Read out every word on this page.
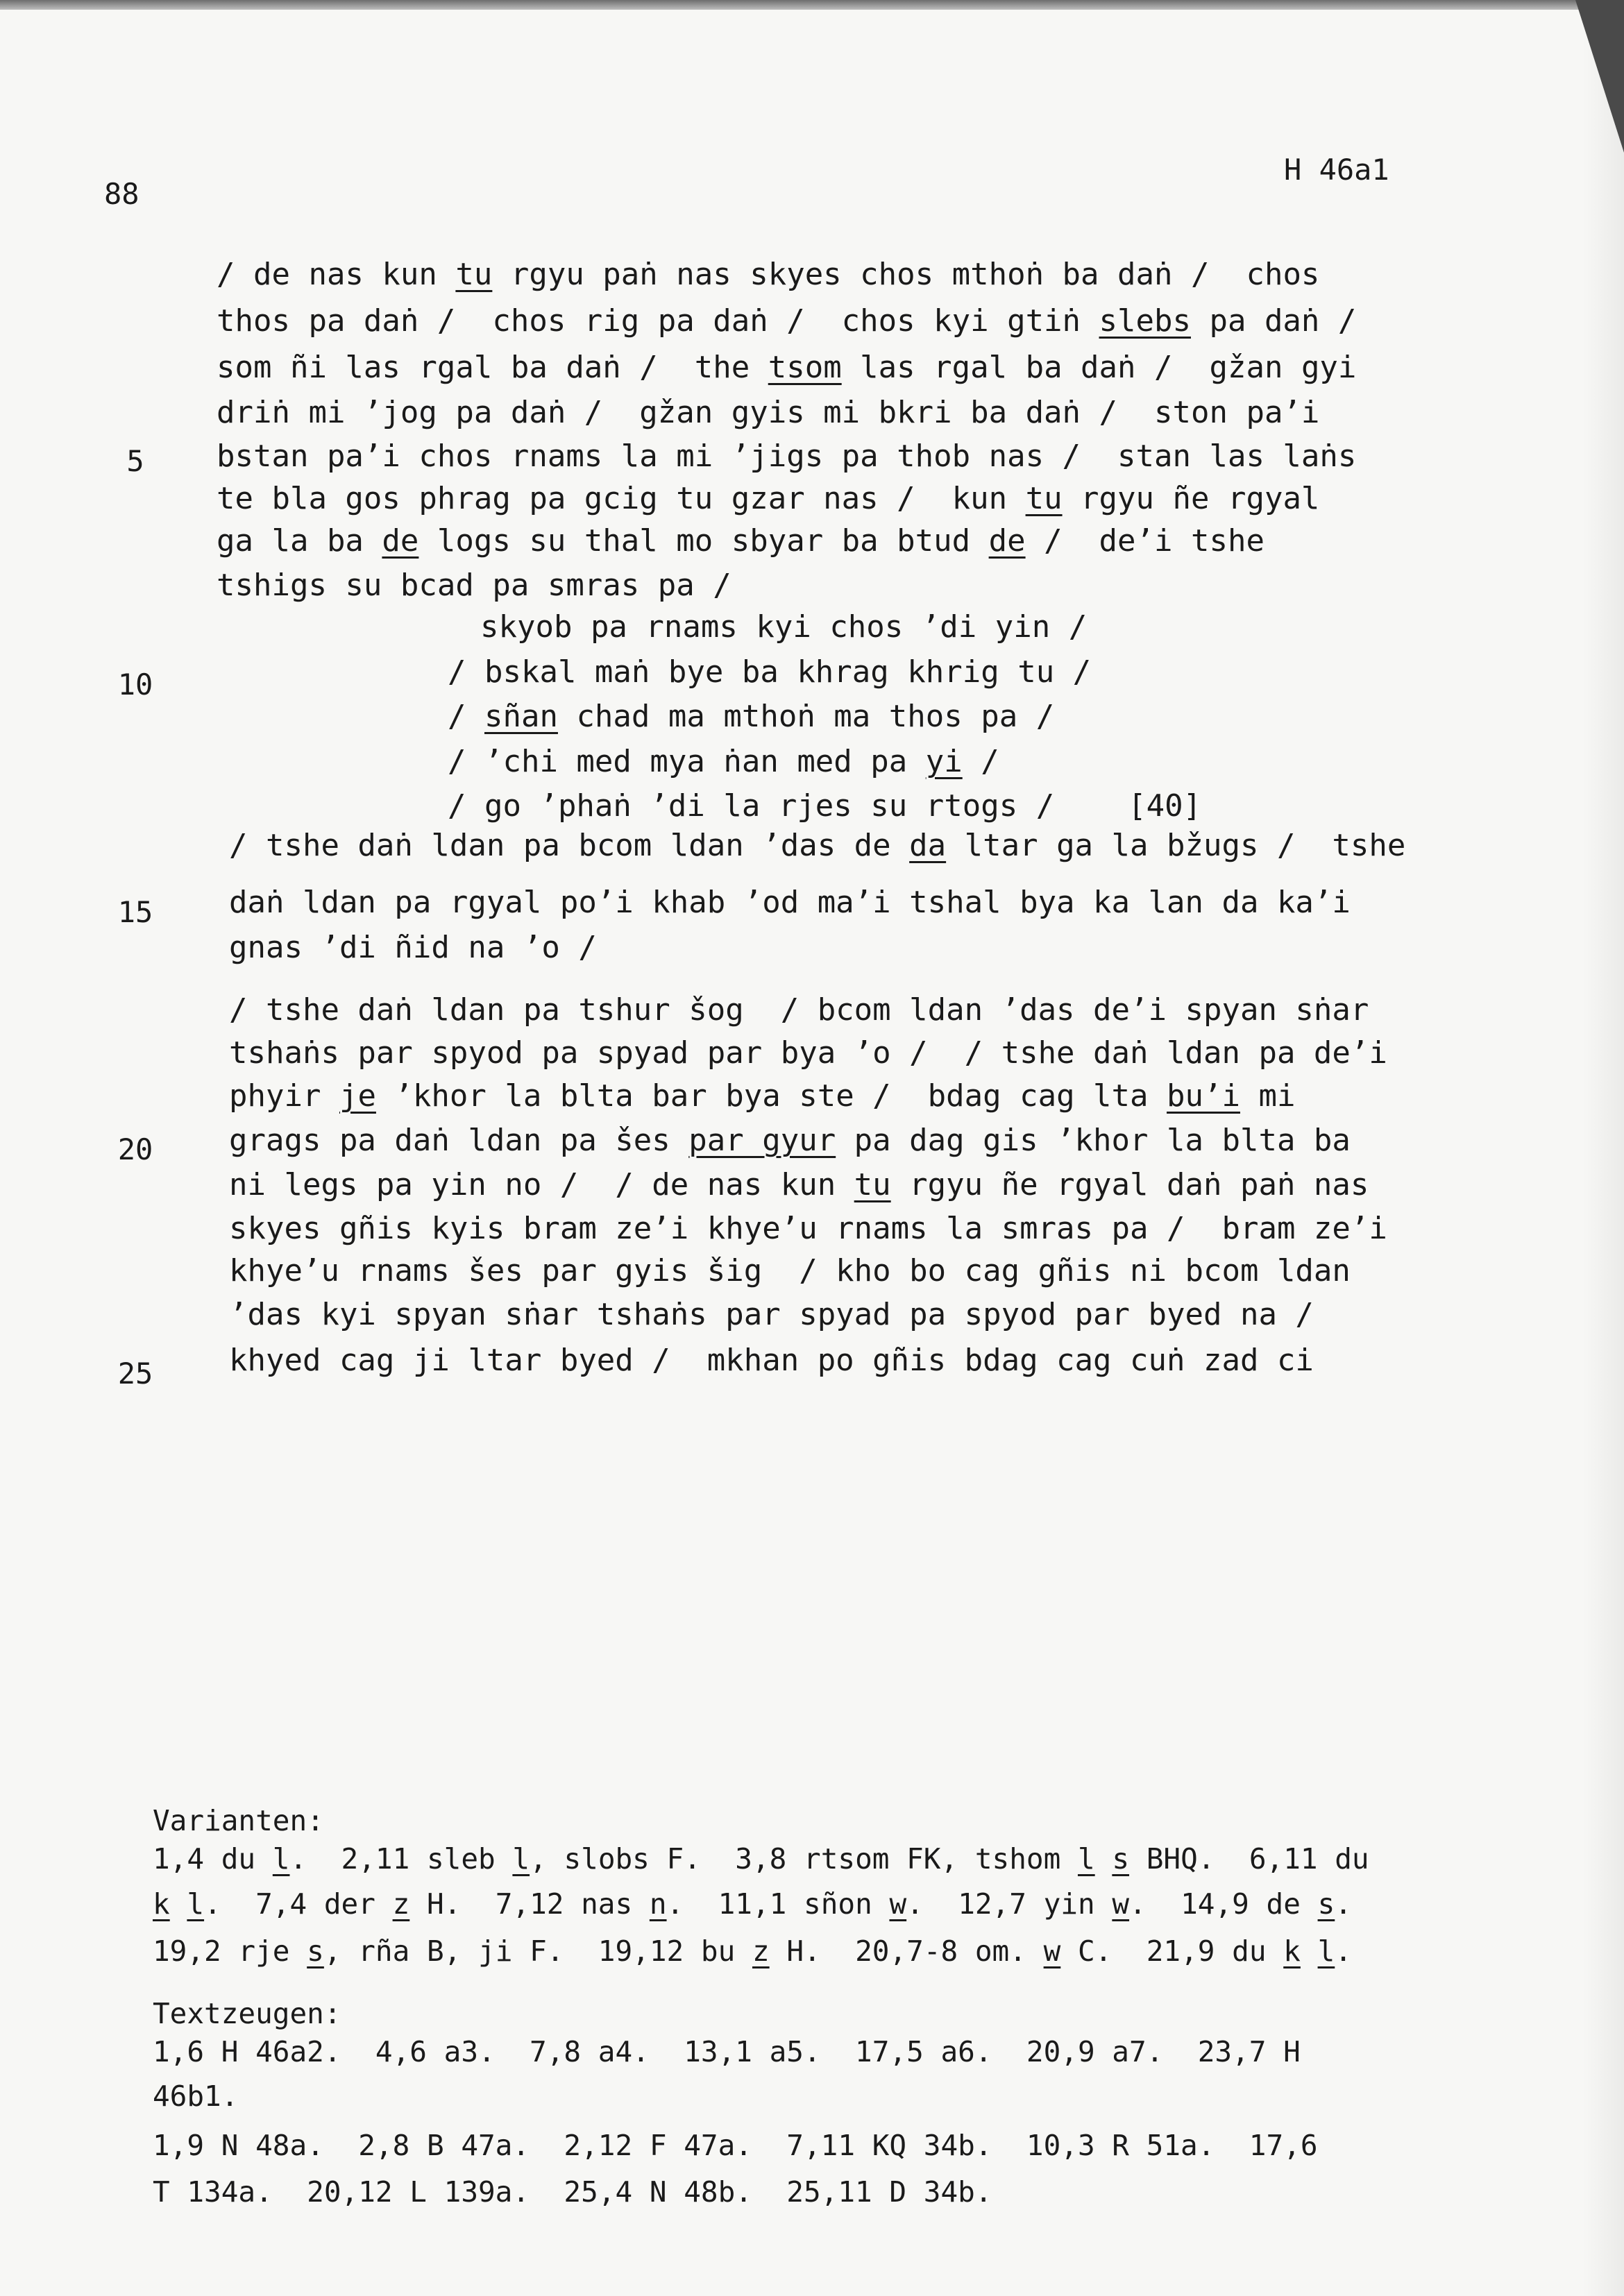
88
H 46a1
/ de nas kun tu rgyu paṅ nas skyes chos mthoṅ ba daṅ /  chos
thos pa daṅ /  chos rig pa daṅ /  chos kyi gtiṅ slebs pa daṅ /
som ñi las rgal ba daṅ /  the tsom las rgal ba daṅ /  gžan gyi
driṅ mi ’jog pa daṅ /  gžan gyis mi bkri ba daṅ /  ston pa’i
bstan pa’i chos rnams la mi ’jigs pa thob nas /  stan las laṅs
te bla gos phrag pa gcig tu gzar nas /  kun tu rgyu ñe rgyal
ga la ba de logs su thal mo sbyar ba btud de /  de’i tshe
tshigs su bcad pa smras pa /
skyob pa rnams kyi chos ’di yin /
/ bskal maṅ bye ba khrag khrig tu /
/ sñan chad ma mthoṅ ma thos pa /
/ ’chi med mya ṅan med pa yi /
/ go ’phaṅ ’di la rjes su rtogs /    [40]
/ tshe daṅ ldan pa bcom ldan ’das de da ltar ga la bžugs /  tshe
daṅ ldan pa rgyal po’i khab ’od ma’i tshal bya ka lan da ka’i
gnas ’di ñid na ’o /
/ tshe daṅ ldan pa tshur šog  / bcom ldan ’das de’i spyan sṅar
tshaṅs par spyod pa spyad par bya ’o /  / tshe daṅ ldan pa de’i
phyir je ’khor la blta bar bya ste /  bdag cag lta bu’i mi
grags pa daṅ ldan pa šes par gyur pa dag gis ’khor la blta ba
ni legs pa yin no /  / de nas kun tu rgyu ñe rgyal daṅ paṅ nas
skyes gñis kyis bram ze’i khye’u rnams la smras pa /  bram ze’i
khye’u rnams šes par gyis šig  / kho bo cag gñis ni bcom ldan
’das kyi spyan sṅar tshaṅs par spyad pa spyod par byed na /
khyed cag ji ltar byed /  mkhan po gñis bdag cag cuṅ zad ci
5
10
15
20
25
Varianten:
1,4 du l.  2,11 sleb l, slobs F.  3,8 rtsom FK, tshom l s BHQ.  6,11 du
k l.  7,4 der z H.  7,12 nas n.  11,1 sñon w.  12,7 yin w.  14,9 de s.
19,2 rje s, rña B, ji F.  19,12 bu z H.  20,7-8 om. w C.  21,9 du k l.
Textzeugen:
1,6 H 46a2.  4,6 a3.  7,8 a4.  13,1 a5.  17,5 a6.  20,9 a7.  23,7 H
46b1.
1,9 N 48a.  2,8 B 47a.  2,12 F 47a.  7,11 KQ 34b.  10,3 R 51a.  17,6
T 134a.  20,12 L 139a.  25,4 N 48b.  25,11 D 34b.
